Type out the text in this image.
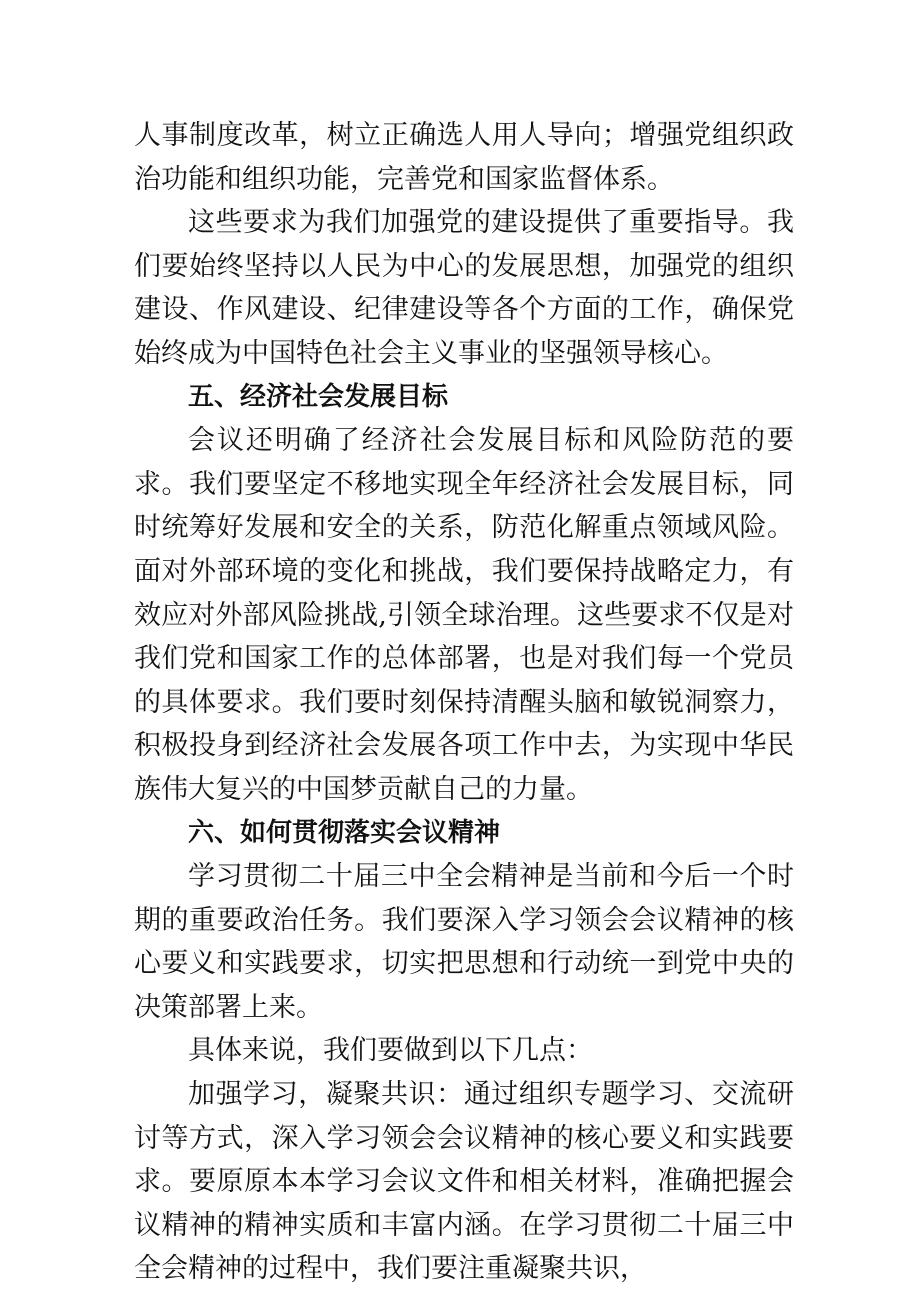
人事制度改革，树立正确选人用人导向；增强党组织政治功能和组织功能，完善党和国家监督体系。

这些要求为我们加强党的建设提供了重要指导。我们要始终坚持以人民为中心的发展思想，加强党的组织建设、作风建设、纪律建设等各个方面的工作，确保党始终成为中国特色社会主义事业的坚强领导核心。

五、经济社会发展目标

会议还明确了经济社会发展目标和风险防范的要求。我们要坚定不移地实现全年经济社会发展目标，同时统筹好发展和安全的关系，防范化解重点领域风险。面对外部环境的变化和挑战，我们要保持战略定力，有效应对外部风险挑战,引领全球治理。这些要求不仅是对我们党和国家工作的总体部署，也是对我们每一个党员的具体要求。我们要时刻保持清醒头脑和敏锐洞察力，积极投身到经济社会发展各项工作中去，为实现中华民族伟大复兴的中国梦贡献自己的力量。

六、如何贯彻落实会议精神

学习贯彻二十届三中全会精神是当前和今后一个时期的重要政治任务。我们要深入学习领会会议精神的核心要义和实践要求，切实把思想和行动统一到党中央的决策部署上来。

具体来说，我们要做到以下几点：

加强学习，凝聚共识：通过组织专题学习、交流研讨等方式，深入学习领会会议精神的核心要义和实践要求。要原原本本学习会议文件和相关材料，准确把握会议精神的精神实质和丰富内涵。在学习贯彻二十届三中全会精神的过程中，我们要注重凝聚共识，
